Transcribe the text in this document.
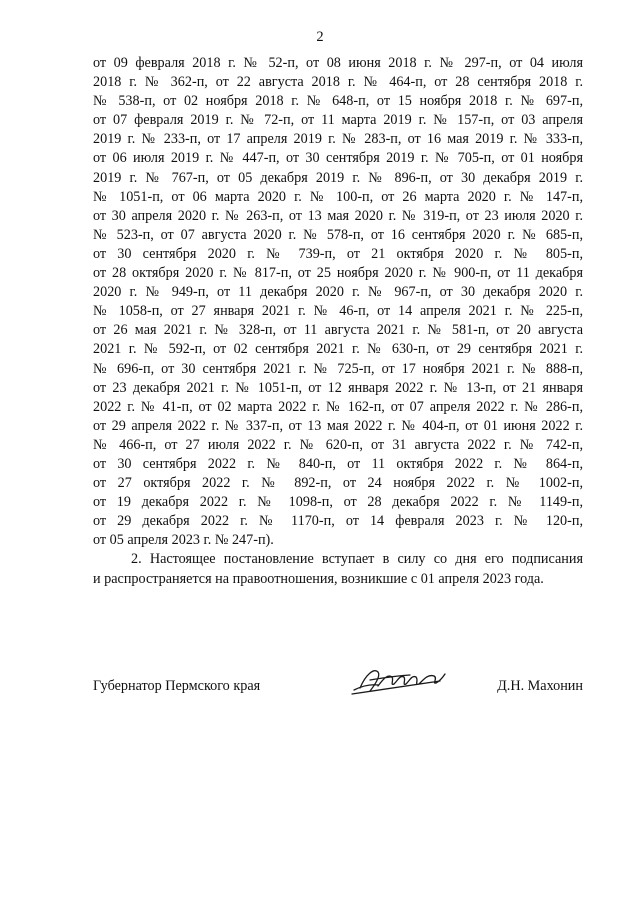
2
от 09 февраля 2018 г. № 52-п, от 08 июня 2018 г. № 297-п, от 04 июля
2018 г. № 362-п, от 22 августа 2018 г. № 464-п, от 28 сентября 2018 г.
№ 538-п, от 02 ноября 2018 г. № 648-п, от 15 ноября 2018 г. № 697-п,
от 07 февраля 2019 г. № 72-п, от 11 марта 2019 г. № 157-п, от 03 апреля
2019 г. № 233-п, от 17 апреля 2019 г. № 283-п, от 16 мая 2019 г. № 333-п,
от 06 июля 2019 г. № 447-п, от 30 сентября 2019 г. № 705-п, от 01 ноября
2019 г. № 767-п, от 05 декабря 2019 г. № 896-п, от 30 декабря 2019 г.
№ 1051-п, от 06 марта 2020 г. № 100-п, от 26 марта 2020 г. № 147-п,
от 30 апреля 2020 г. № 263-п, от 13 мая 2020 г. № 319-п, от 23 июля 2020 г.
№ 523-п, от 07 августа 2020 г. № 578-п, от 16 сентября 2020 г. № 685-п,
от 30 сентября 2020 г. № 739-п, от 21 октября 2020 г. № 805-п,
от 28 октября 2020 г. № 817-п, от 25 ноября 2020 г. № 900-п, от 11 декабря
2020 г. № 949-п, от 11 декабря 2020 г. № 967-п, от 30 декабря 2020 г.
№ 1058-п, от 27 января 2021 г. № 46-п, от 14 апреля 2021 г. № 225-п,
от 26 мая 2021 г. № 328-п, от 11 августа 2021 г. № 581-п, от 20 августа
2021 г. № 592-п, от 02 сентября 2021 г. № 630-п, от 29 сентября 2021 г.
№ 696-п, от 30 сентября 2021 г. № 725-п, от 17 ноября 2021 г. № 888-п,
от 23 декабря 2021 г. № 1051-п, от 12 января 2022 г. № 13-п, от 21 января
2022 г. № 41-п, от 02 марта 2022 г. № 162-п, от 07 апреля 2022 г. № 286-п,
от 29 апреля 2022 г. № 337-п, от 13 мая 2022 г. № 404-п, от 01 июня 2022 г.
№ 466-п, от 27 июля 2022 г. № 620-п, от 31 августа 2022 г. № 742-п,
от 30 сентября 2022 г. № 840-п, от 11 октября 2022 г. № 864-п,
от 27 октября 2022 г. № 892-п, от 24 ноября 2022 г. № 1002-п,
от 19 декабря 2022 г. № 1098-п, от 28 декабря 2022 г. № 1149-п,
от 29 декабря 2022 г. № 1170-п, от 14 февраля 2023 г. № 120-п,
от 05 апреля 2023 г. № 247-п).
2. Настоящее постановление вступает в силу со дня его подписания
и распространяется на правоотношения, возникшие с 01 апреля 2023 года.
Губернатор Пермского края	Д.Н. Махонин
